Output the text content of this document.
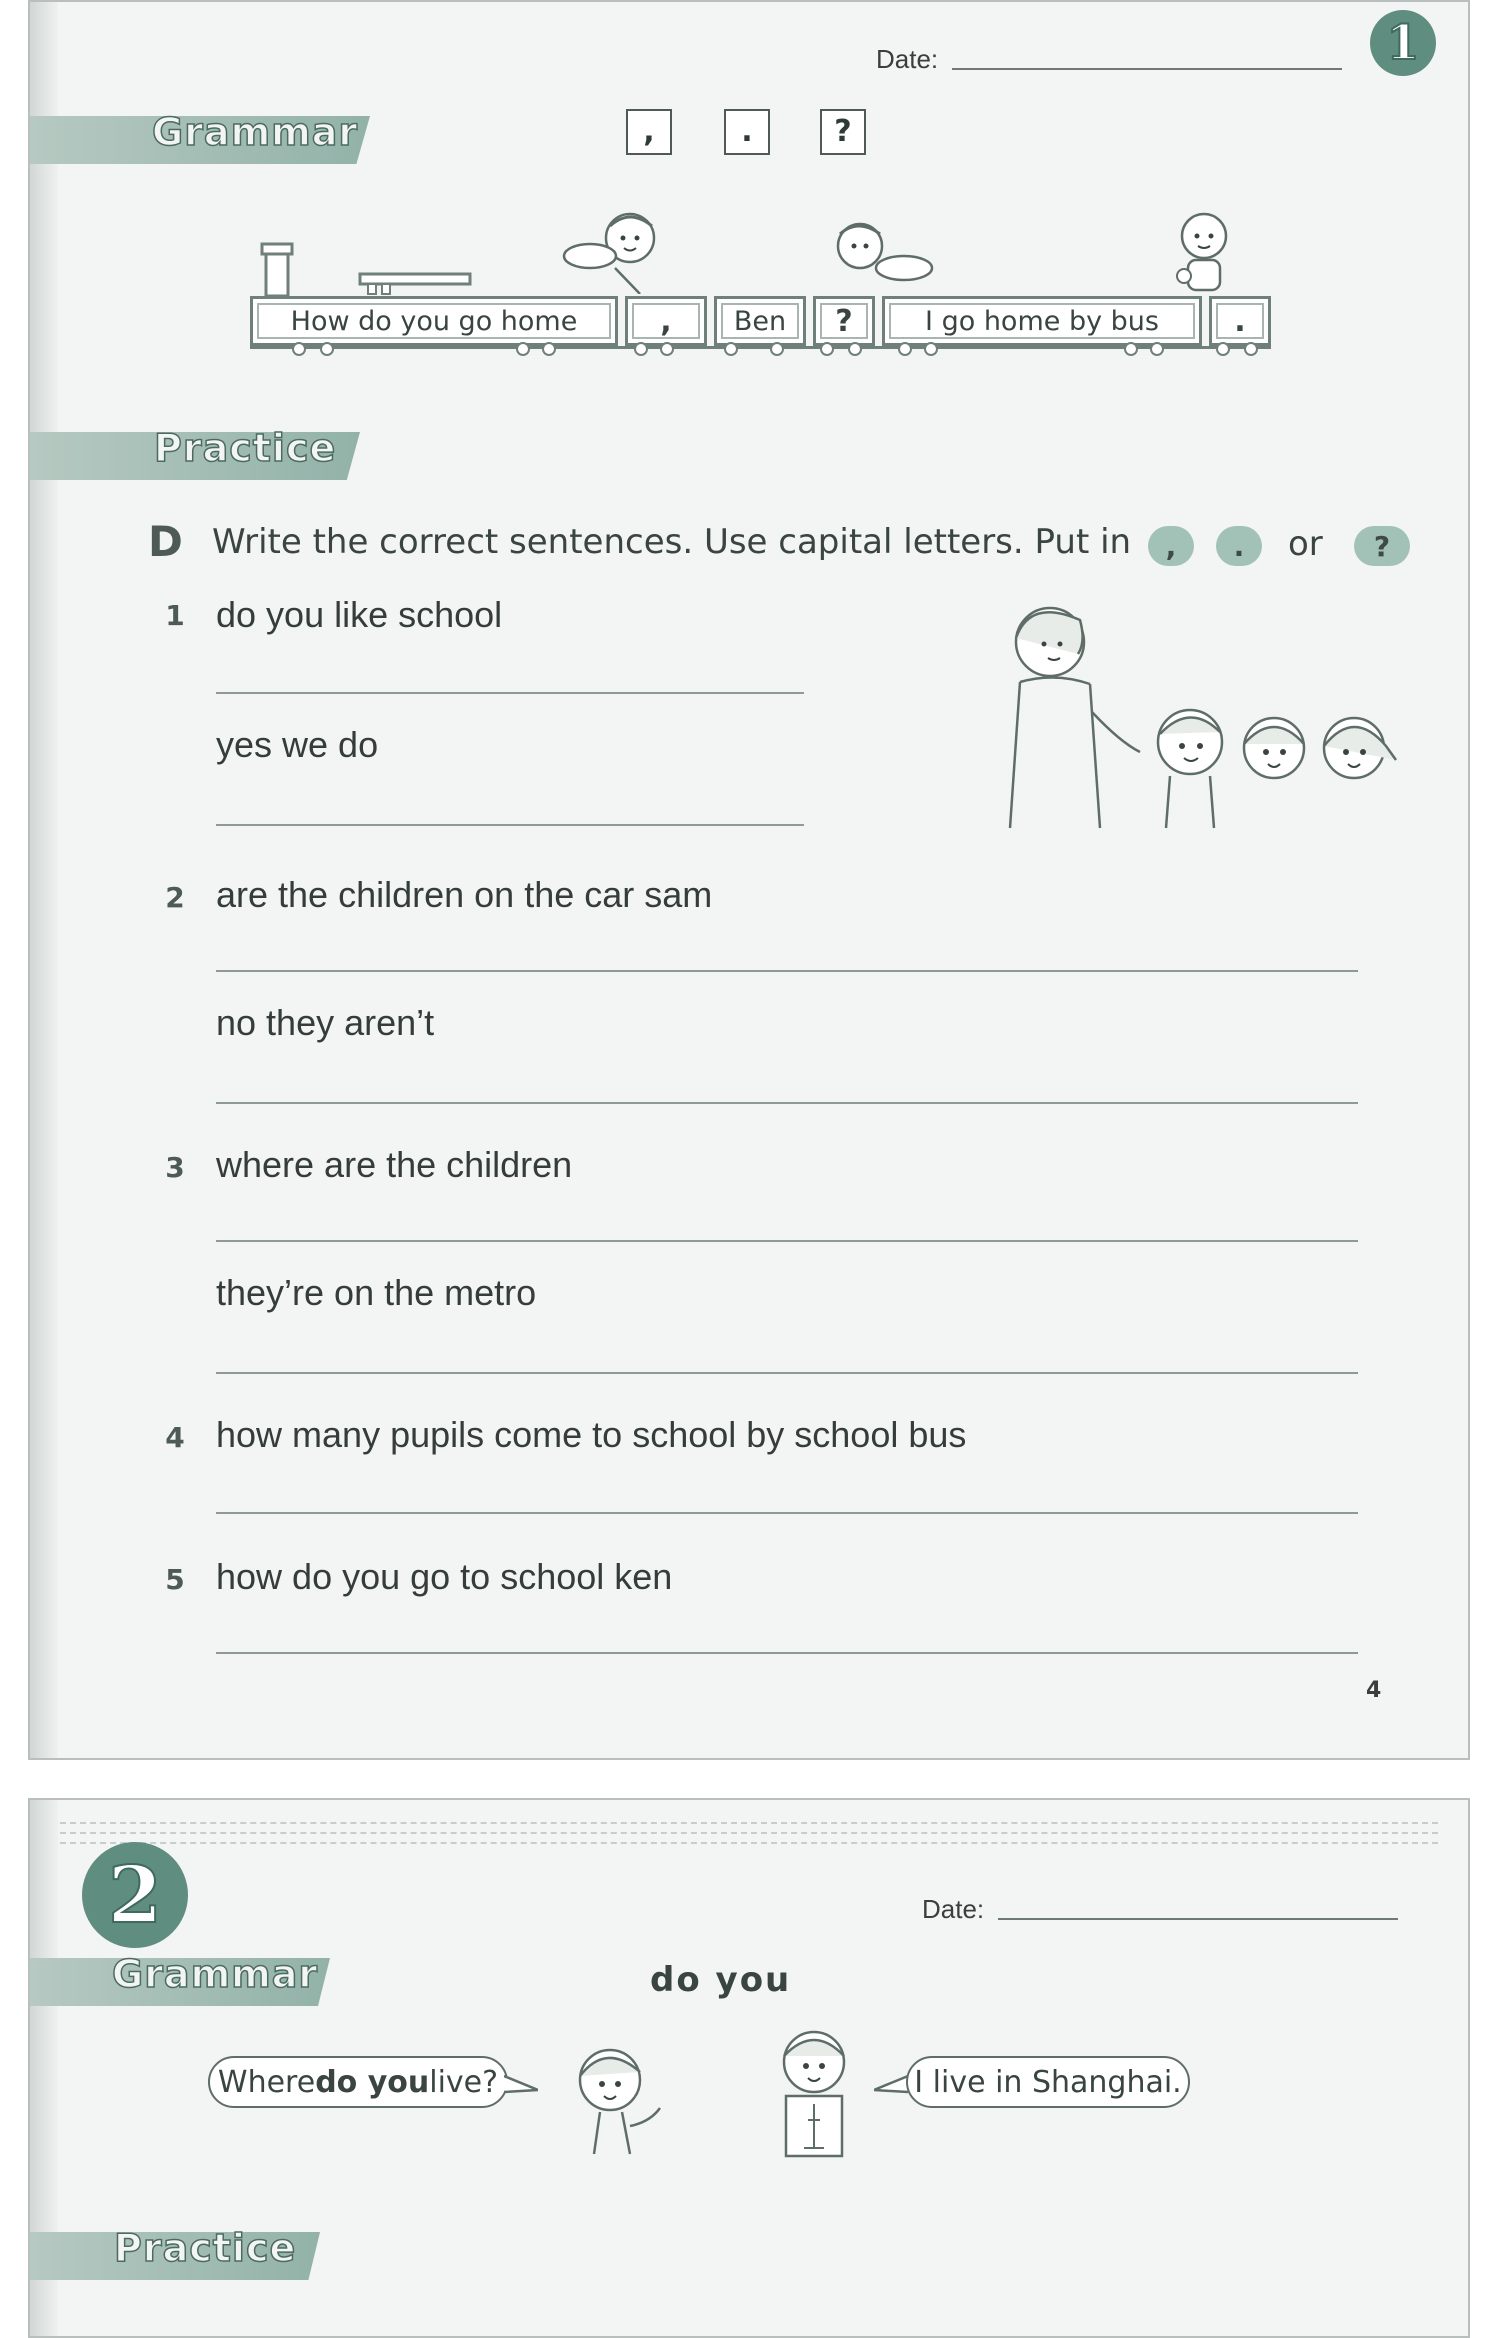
Date:	1
Grammar	,	.	?
How do you go home	,	Ben	?	I go home by bus	.
Practice
D Write the correct sentences. Use capital letters. Put in	,	.	or	?
1 do you like school
yes we do
2 are the children on the car sam
no they aren’t
3 where are the children
they’re on the metro
4 how many pupils come to school by school bus
5 how do you go to school ken
4
2	Date:
Grammar	do you
Where do you live?	I live in Shanghai.
Practice
